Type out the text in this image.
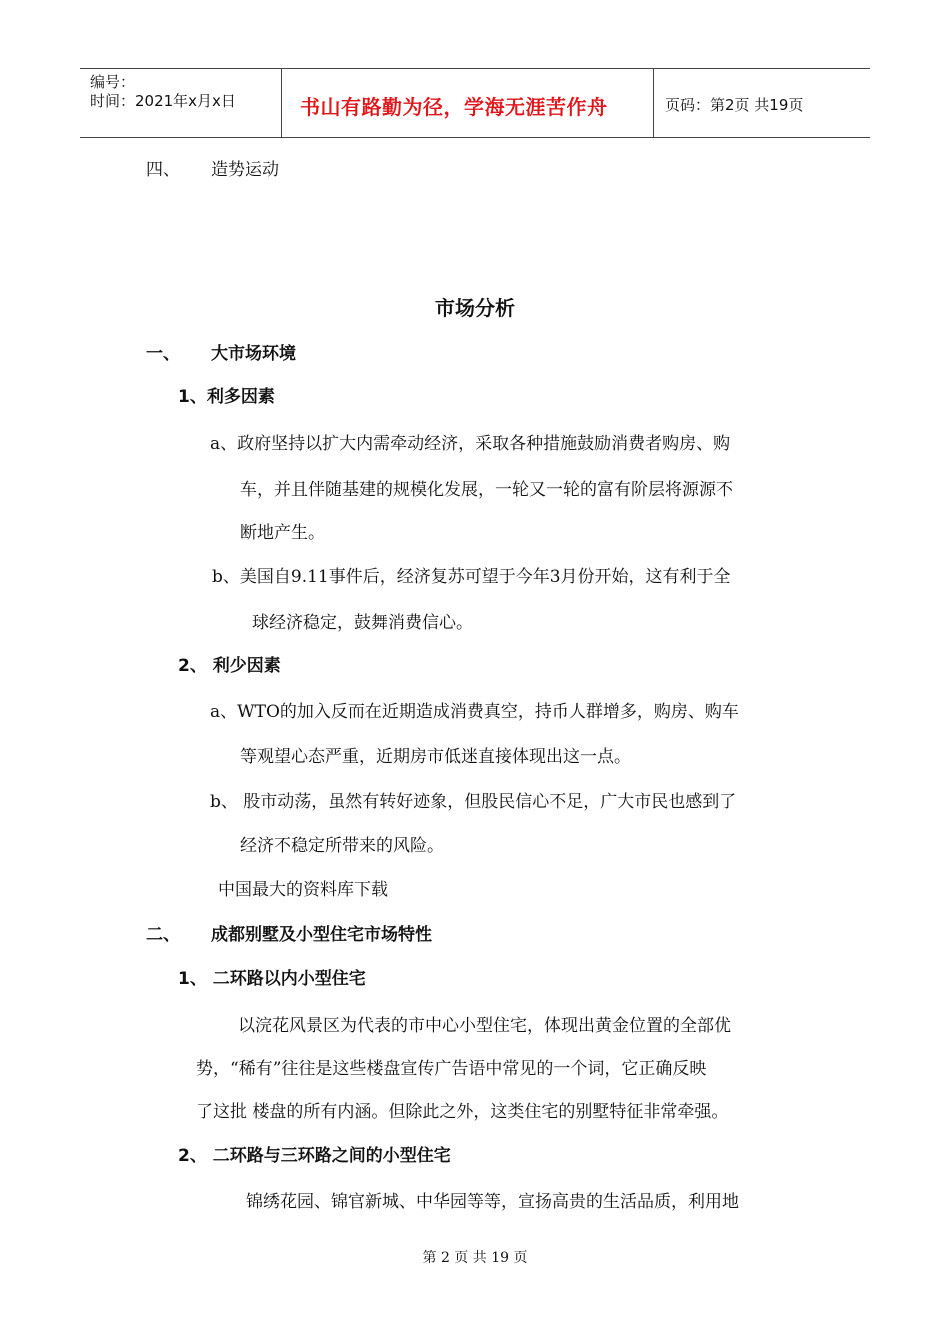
编号：
时间：2021年x月x日	书山有路勤为径，学海无涯苦作舟	页码：第2页 共19页
四、 造势运动
市场分析
一、 大市场环境
1、利多因素
a、政府坚持以扩大内需牵动经济，采取各种措施鼓励消费者购房、购
车，并且伴随基建的规模化发展，一轮又一轮的富有阶层将源源不
断地产生。
b、美国自9.11事件后，经济复苏可望于今年3月份开始，这有利于全
球经济稳定，鼓舞消费信心。
2、 利少因素
a、WTO的加入反而在近期造成消费真空，持币人群增多，购房、购车
等观望心态严重，近期房市低迷直接体现出这一点。
b、 股市动荡，虽然有转好迹象，但股民信心不足，广大市民也感到了
经济不稳定所带来的风险。
中国最大的资料库下载
二、 成都别墅及小型住宅市场特性
1、 二环路以内小型住宅
以浣花风景区为代表的市中心小型住宅，体现出黄金位置的全部优
势，“稀有”往往是这些楼盘宣传广告语中常见的一个词，它正确反映
了这批 楼盘的所有内涵。但除此之外，这类住宅的别墅特征非常牵强。
2、 二环路与三环路之间的小型住宅
锦绣花园、锦官新城、中华园等等，宣扬高贵的生活品质，利用地
第 2 页 共 19 页
